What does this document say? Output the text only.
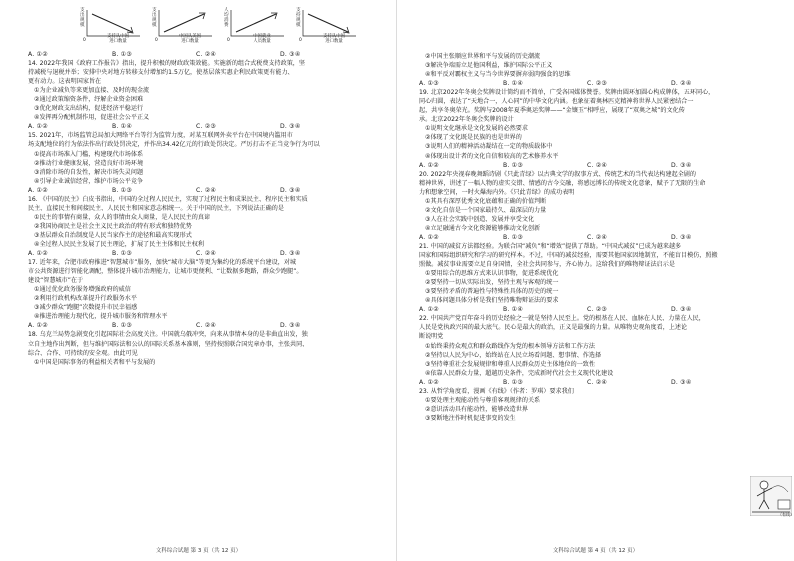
支出规模
支持从中国
进口数量
0
支出规模
中国从美国
进口数量
0
人均消费
中国就业
人员数量
0
支持规模
支持从中国
进口数量
0
A. ①②	B. ①③	C. ②④	D. ③④
14. 2022年我国《政府工作报告》指出，提升积极的财政政策效能。实施新的组合式税费支持政策，坚
持减税与退税并举；安排中央对地方转移支付增加约1.5万亿，使基层落实惠企利民政策更有能力、
更有动力。这表明国家旨在
①为企业减负等来更加直接、及时的现金流
②通过政策缩资条件，纾解企业资金困难
③优化财政支出结构，促进经济平稳运行
④发挥再分配机制作用，促进社会公平正义
A. ①②	B. ①④	C. ②③	D. ③④
15. 2021年，市场监管总局加大网络平台等行为监管力度，对某互联网外卖平台在中国境内滥用市
场支配地位的行为依法作出行政处罚决定，并作出34.42亿元的行政处罚决定。严厉打击不正当竞争行为可以
①提高市场准入门槛，构建现代市场体系
②推动行业健康发展，营造良好市场环境
③消除市场的自发性，解决市场失灵问题
④引导企业诚信经营，维护市场公平竞争
A. ①②	B. ①③	C. ②④	D. ③④
16. 《中国的民主》白皮书指出，中国的全过程人民民主，实现了过程民主和成果民主、程序民主和实质
民主、直接民主和间接民主、人民民主和国家意志相统一。关于中国的民主，下列说法正确的是
①民主的事情有商量，众人的事情由众人商量，是人民民主的真谛
②我国协商民主是社会主义民主政治的特有形式和独特优势
③基层群众自治制度是人民当家作主的途径和最高实现形式
④全过程人民民主发展了民主理论，扩展了民主主体和民主权利
A. ①②	B. ①③	C. ②④	D. ③④
17. 近年来，合肥市政府推进“智慧城市”服务，加快“城市大脑”等更为集约化的系统平台建设，对城
市公共资源进行智能化调配，整体提升城市治理能力，让城市更便利、“让数据多跑路，群众少跑腿”。
建设“智慧城市”在于
①通过优化政务服务增强政府的威信
②利用行政机构改革提升行政服务水平
③减少群众“跑腿”次数提升市民幸福感
④推进治理能力现代化，提升城市服务和管理水平
A. ①②	B. ①③	C. ②④	D. ③④
18. 乌克兰局势急剧变化引起国际社会高度关注。中国就乌俄冲突，向来从事情本身的是非曲直出发，独
立自主地作出判断，但与维护国际法和公认的国际关系基本准则，坚持按照联合国宪章办事，主张共同、
综合、合作、可持续的安全观。由此可见
①中国是国际事务的利益相关者和平与发展的
文科综合试题 第 3 页（共 12 页）
②中国主张顺应世界和平与发展的历史潮流
③解决争端需立足他国利益，维护国际公平正义
④和平反对霸权主义与当今世界要摒弃弱肉强食的思维
A. ①③	B. ①④	C. ②③	D. ②④
19. 北京2022年冬奥会奖牌设计简约而不简单，广受各国媒体赞誉。奖牌由圆环加圆心构成牌体，五环同心，
同心归圆，表达了“天地合一，人心同”的中华文化内涵。也象征着奥林匹克精神将世界人民紧密结合一
起，共享冬奥荣光。奖牌与2008年夏季奥运奖牌——“金镶玉”相呼应，展现了“双奥之城”的文化传
承。北京2022年冬奥会奖牌的设计
①说明文化继承是文化发展的必然要求
②体现了文化既是民族的也是世界的
③说明人们的精神活动凝结在一定的物质载体中
④体现出设计者的文化自信和较高的艺术修养水平
A. ①②	B. ①③	C. ②④	D. ③④
20. 2022年央视春晚舞蹈诗剧《只此青绿》以古典文学的叙事方式、传统艺术的当代表达构建起全剧的
精神世界，讲述了一幅人物的虚实交错、情感的古今交融，将感远博长的传统文化意象，赋予了无限的生命
力和想象空间，一时火爆海内外。《只此青绿》的成功表明
①其具有深厚优秀文化底蕴和正确的价值判断
②文化自信是一个国家最持久、最深层的力量
③人在社会实践中创造、发展并享受文化
④立足融通古今文化资源能够推动文化创新
A. ①②	B. ①③	C. ②④	D. ③④
21. 中国的减贫方法都经验。为联合国“减负”和“增效”提供了帮助。“中国式减贫”已成为越来越多
国家和国际组织研究和学习的研究样本。不过，中国的减贫经验，需要其他国家因地制宜，不能盲目模仿，照搬
照做。减贫事业需要立足自身国情，全社会共同参与，齐心协力。这给我们的唯物辩证法启示是
①要用综合的思维方式来认识事物，促进系统优化
②要坚持一切从实际出发，坚持主观与客观的统一
③要坚持矛盾的普遍性与特殊性具体的历史的统一
④具体问题具体分析是我们坚持唯物辩证法的要求
A. ①②	B. ①④	C. ②③	D. ③④
22. 中国共产党百年奋斗的历史经验之一就是坚持人民至上。党的根基在人民、血脉在人民、力量在人民，
人民是党执政兴国的最大底气。民心是最大的政治，正义是最强的力量。从唯物史观角度看，上述论
断说明党
①始终秉持众观点和群众路线作为党的根本领导方法和工作方法
②坚持以人民为中心，始终站在人民立场看问题、想事情、作选择
③坚持尊重社会发展规律和尊重人民群众历史主体地位的一致性
④依靠人民群众力量，超越历史条件，完成新时代社会主义现代化建设
A. ①②	B. ①③	C. ②④	D. ③④
23. 从哲学角度看，漫画《有线》（作者：罗琪）要求我们
①要处理主观能动性与尊重客观规律的关系
②意识活动具有能动性，能够改造世界
③要断地注作时机促进事变的发生
（有线）
文科综合试题 第 4 页（共 12 页）
